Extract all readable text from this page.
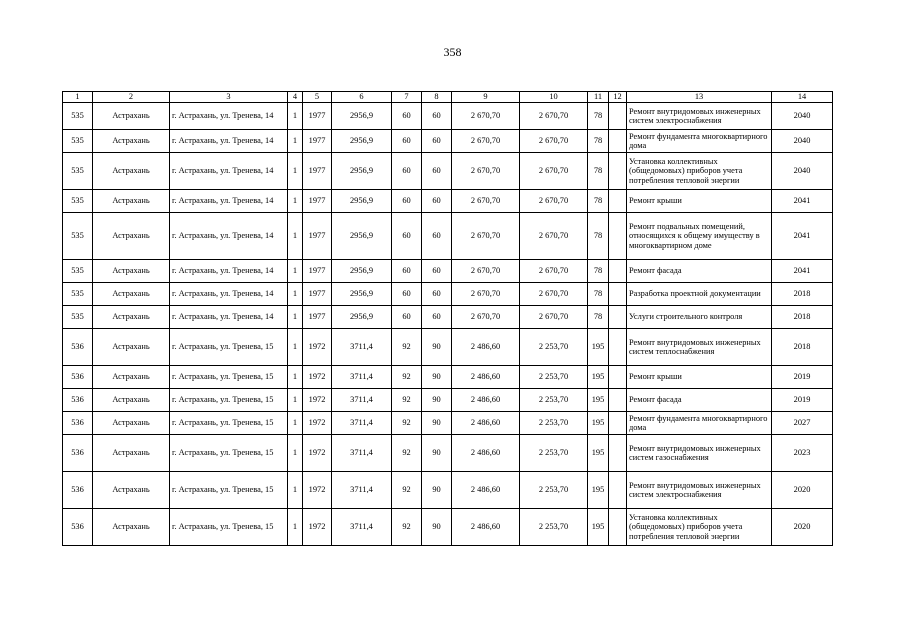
358
1	2	3	4	5	6	7	8	9	10	11	12	13	14
535	Астрахань	г. Астрахань, ул. Тренева, 14	1	1977	2956,9	60	60	2 670,70	2 670,70	78		Ремонт внутридомовых инженерных систем электроснабжения	2040
535	Астрахань	г. Астрахань, ул. Тренева, 14	1	1977	2956,9	60	60	2 670,70	2 670,70	78		Ремонт фундамента многоквартирного дома	2040
535	Астрахань	г. Астрахань, ул. Тренева, 14	1	1977	2956,9	60	60	2 670,70	2 670,70	78		Установка коллективных (общедомовых) приборов учета потребления тепловой энергии	2040
535	Астрахань	г. Астрахань, ул. Тренева, 14	1	1977	2956,9	60	60	2 670,70	2 670,70	78		Ремонт крыши	2041
535	Астрахань	г. Астрахань, ул. Тренева, 14	1	1977	2956,9	60	60	2 670,70	2 670,70	78		Ремонт подвальных помещений, относящихся к общему имуществу в многоквартирном доме	2041
535	Астрахань	г. Астрахань, ул. Тренева, 14	1	1977	2956,9	60	60	2 670,70	2 670,70	78		Ремонт фасада	2041
535	Астрахань	г. Астрахань, ул. Тренева, 14	1	1977	2956,9	60	60	2 670,70	2 670,70	78		Разработка проектной документации	2018
535	Астрахань	г. Астрахань, ул. Тренева, 14	1	1977	2956,9	60	60	2 670,70	2 670,70	78		Услуги строительного контроля	2018
536	Астрахань	г. Астрахань, ул. Тренева, 15	1	1972	3711,4	92	90	2 486,60	2 253,70	195		Ремонт внутридомовых инженерных систем теплоснабжения	2018
536	Астрахань	г. Астрахань, ул. Тренева, 15	1	1972	3711,4	92	90	2 486,60	2 253,70	195		Ремонт крыши	2019
536	Астрахань	г. Астрахань, ул. Тренева, 15	1	1972	3711,4	92	90	2 486,60	2 253,70	195		Ремонт фасада	2019
536	Астрахань	г. Астрахань, ул. Тренева, 15	1	1972	3711,4	92	90	2 486,60	2 253,70	195		Ремонт фундамента многоквартирного дома	2027
536	Астрахань	г. Астрахань, ул. Тренева, 15	1	1972	3711,4	92	90	2 486,60	2 253,70	195		Ремонт внутридомовых инженерных систем газоснабжения	2023
536	Астрахань	г. Астрахань, ул. Тренева, 15	1	1972	3711,4	92	90	2 486,60	2 253,70	195		Ремонт внутридомовых инженерных систем электроснабжения	2020
536	Астрахань	г. Астрахань, ул. Тренева, 15	1	1972	3711,4	92	90	2 486,60	2 253,70	195		Установка коллективных (общедомовых) приборов учета потребления тепловой энергии	2020
